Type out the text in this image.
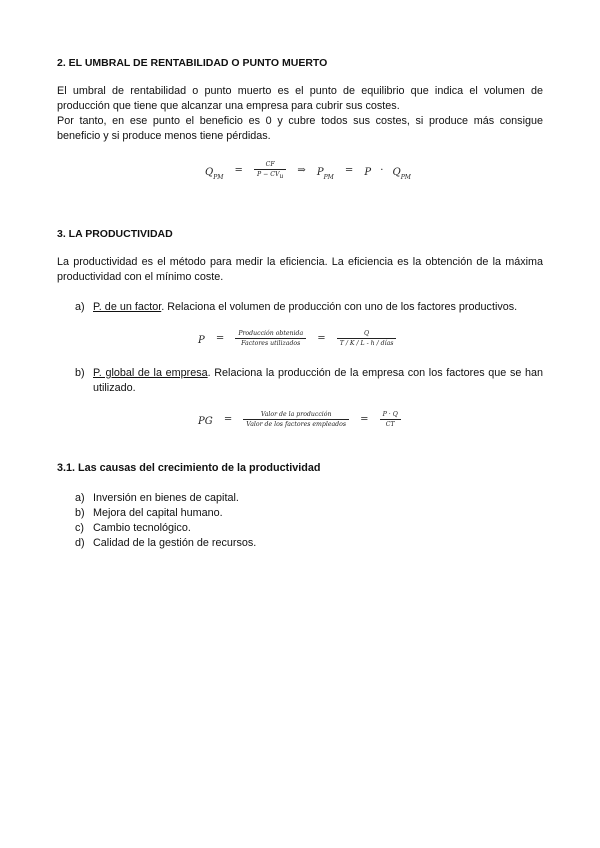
2. EL UMBRAL DE RENTABILIDAD O PUNTO MUERTO

El umbral de rentabilidad o punto muerto es el punto de equilibrio que indica el volumen de producción que tiene que alcanzar una empresa para cubrir sus costes.

Por tanto, en ese punto el beneficio es 0 y cubre todos sus costes, si produce más consigue beneficio y si produce menos tiene pérdidas.

$Q_{PM} = \frac{CF}{P - CV_u}$ ⇒ $P_{PM} = P \cdot Q_{PM}$
3. LA PRODUCTIVIDAD

La productividad es el método para medir la eficiencia. La eficiencia es la obtención de la máxima productividad con el mínimo coste.

a) P. de un factor. Relaciona el volumen de producción con uno de los factores productivos.
$P = \frac{\text{Producción obtenida}}{\text{Factores utilizados}} = \frac{Q}{\text{T / K / L - h / días}}$
b) P. global de la empresa. Relaciona la producción de la empresa con los factores que se han utilizado.
PG = $\frac{\text{Valor de la producción}}{\text{Valor de los factores empleados}} = \frac{P \cdot Q}{CT}$
3.1. Las causas del crecimiento de la productividad
a) Inversión en bienes de capital.
b) Mejora del capital humano.
c) Cambio tecnológico.
d) Calidad de la gestión de recursos.
